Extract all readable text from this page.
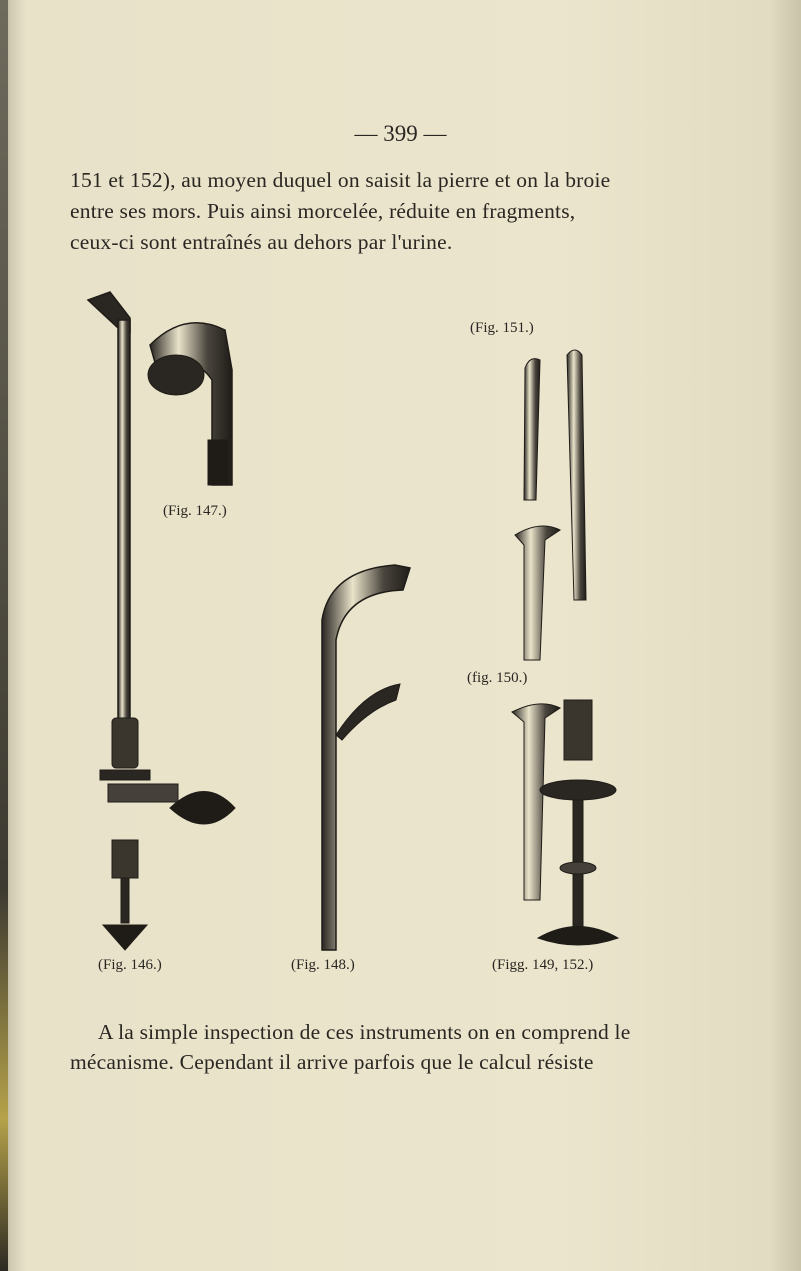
— 399 —

151 et 152), au moyen duquel on saisit la pierre et on la broie

entre ses mors. Puis ainsi morcelée, réduite en fragments,

ceux-ci sont entraînés au dehors par l'urine.

(Fig. 151.)
(Fig. 147.)
(fig. 150.)
(Fig. 146.)	(Fig. 148.)	(Figg. 149, 152.)

A la simple inspection de ces instruments on en comprend le

mécanisme. Cependant il arrive parfois que le calcul résiste
